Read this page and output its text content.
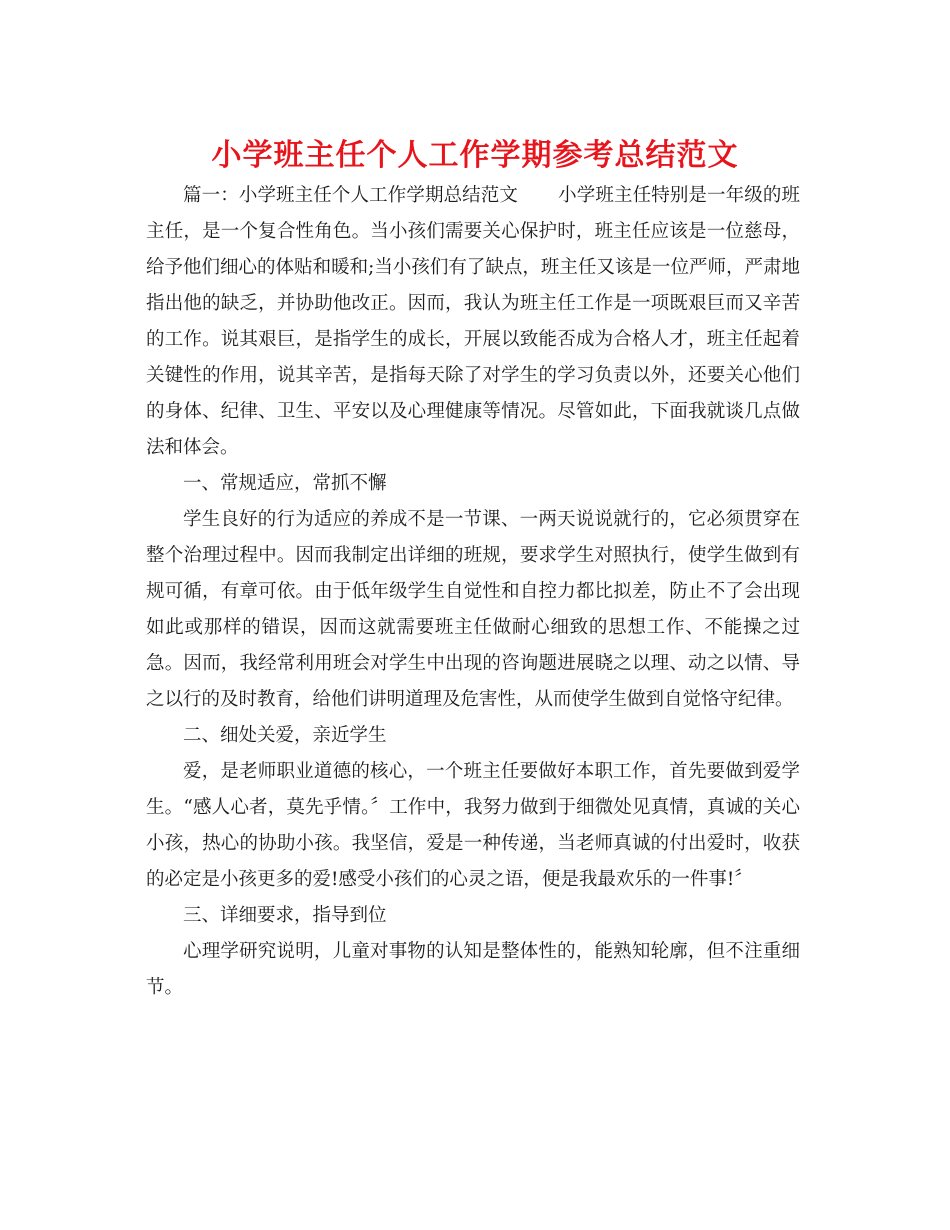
小学班主任个人工作学期参考总结范文

篇一：小学班主任个人工作学期总结范文 小学班主任特别是一年级的班主任，是一个复合性角色。当小孩们需要关心保护时，班主任应该是一位慈母，给予他们细心的体贴和暖和;当小孩们有了缺点，班主任又该是一位严师，严肃地指出他的缺乏，并协助他改正。因而，我认为班主任工作是一项既艰巨而又辛苦的工作。说其艰巨，是指学生的成长，开展以致能否成为合格人才，班主任起着关键性的作用，说其辛苦，是指每天除了对学生的学习负责以外，还要关心他们的身体、纪律、卫生、平安以及心理健康等情况。尽管如此，下面我就谈几点做法和体会。

一、常规适应，常抓不懈

学生良好的行为适应的养成不是一节课、一两天说说就行的，它必须贯穿在整个治理过程中。因而我制定出详细的班规，要求学生对照执行，使学生做到有规可循，有章可依。由于低年级学生自觉性和自控力都比拟差，防止不了会出现如此或那样的错误，因而这就需要班主任做耐心细致的思想工作、不能操之过急。因而，我经常利用班会对学生中出现的咨询题进展晓之以理、动之以情、导之以行的及时教育，给他们讲明道理及危害性，从而使学生做到自觉恪守纪律。

二、细处关爱，亲近学生

爱，是老师职业道德的核心，一个班主任要做好本职工作，首先要做到爱学生。“感人心者，莫先乎情。〞工作中，我努力做到于细微处见真情，真诚的关心小孩，热心的协助小孩。我坚信，爱是一种传递，当老师真诚的付出爱时，收获的必定是小孩更多的爱!感受小孩们的心灵之语，便是我最欢乐的一件事!〞

三、详细要求，指导到位

心理学研究说明，儿童对事物的认知是整体性的，能熟知轮廓，但不注重细节。
